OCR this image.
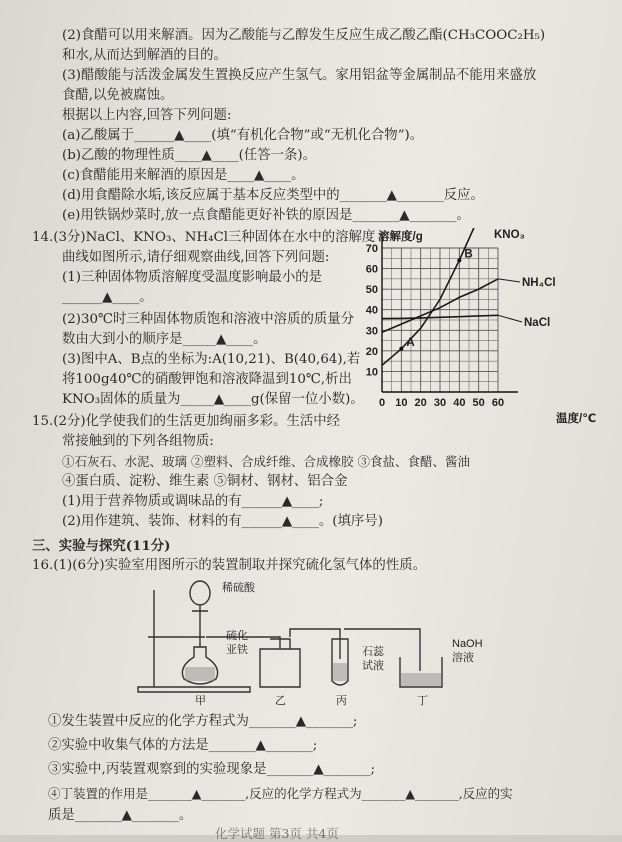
(2)食醋可以用来解酒。因为乙酸能与乙醇发生反应生成乙酸乙酯(CH₃COOC₂H₅)
和水,从而达到解酒的目的。
(3)醋酸能与活泼金属发生置换反应产生氢气。家用铝盆等金属制品不能用来盛放
食醋,以免被腐蚀。
根据以上内容,回答下列问题:
(a)乙酸属于______▲____(填“有机化合物”或“无机化合物”)。
(b)乙酸的物理性质____▲____(任答一条)。
(c)食醋能用来解酒的原因是____▲____。
(d)用食醋除水垢,该反应属于基本反应类型中的_______▲_______反应。
(e)用铁锅炒菜时,放一点食醋能更好补铁的原因是_______▲_______。
14.(3分)NaCl、KNO₃、NH₄Cl三种固体在水中的溶解度
曲线如图所示,请仔细观察曲线,回答下列问题:
(1)三种固体物质溶解度受温度影响最小的是
______▲____。
(2)30℃时三种固体物质饱和溶液中溶质的质量分
数由大到小的顺序是_____▲____。
(3)图中A、B点的坐标为:A(10,21)、B(40,64),若
将100g40℃的硝酸钾饱和溶液降温到10℃,析出
KNO₃固体的质量为_____▲____g(保留一位小数)。
15.(2分)化学使我们的生活更加绚丽多彩。生活中经
常接触到的下列各组物质:
①石灰石、水泥、玻璃 ②塑料、合成纤维、合成橡胶 ③食盐、食醋、酱油
④蛋白质、淀粉、维生素 ⑤铜材、钢材、铝合金
(1)用于营养物质或调味品的有______▲____;
(2)用作建筑、装饰、材料的有______▲____。(填序号)
三、实验与探究(11分)
16.(1)(6分)实验室用图所示的装置制取并探究硫化氢气体的性质。
①发生装置中反应的化学方程式为_______▲_______;
②实验中收集气体的方法是_______▲_______;
③实验中,丙装置观察到的实验现象是_______▲_______;
④丁装置的作用是_______▲_______,反应的化学方程式为_______▲_______,反应的实
质是_______▲_______。
化学试题 第3页 共4页
0 10 20 30 40 50 60
10
20
30
40
50
60
70
KNO₃
NH₄Cl
NaCl
A
B
溶解度/g
温度/℃
稀硫酸
硫化
亚铁	石蕊
试液
NaOH
溶液
甲	乙	丙	丁
